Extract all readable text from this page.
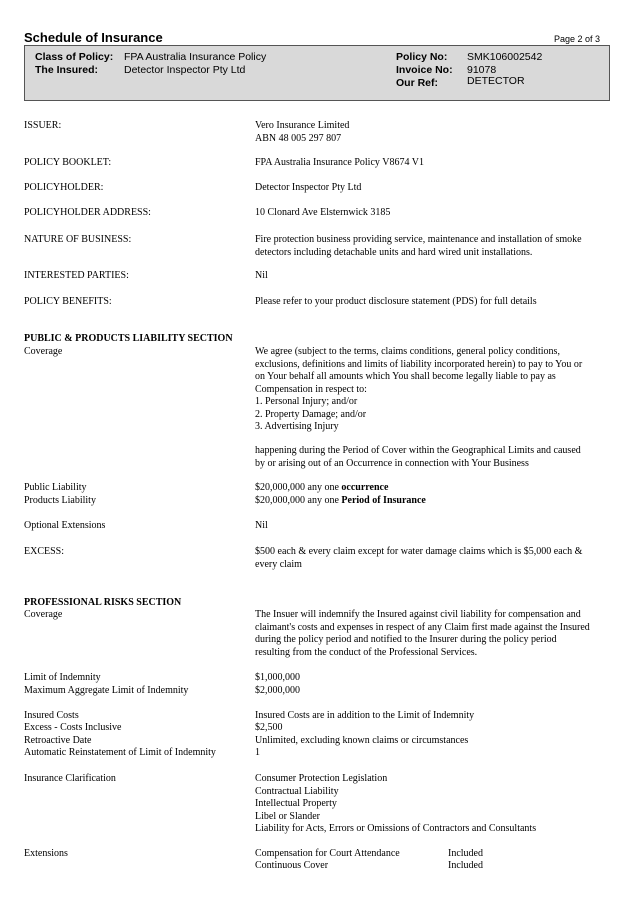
Schedule of Insurance	Page 2 of 3
Class of Policy: FPA Australia Insurance Policy
The Insured: Detector Inspector Pty Ltd
Policy No: SMK106002542
Invoice No: 91078
Our Ref:	DETECTOR
ISSUER:	Vero Insurance Limited
ABN 48 005 297 807
POLICY BOOKLET:	FPA Australia Insurance Policy V8674 V1
POLICYHOLDER:	Detector Inspector Pty Ltd
POLICYHOLDER ADDRESS:	10 Clonard Ave Elsternwick 3185
NATURE OF BUSINESS:	Fire protection business providing service, maintenance and installation of smoke
detectors including detachable units and hard wired unit installations.
INTERESTED PARTIES:	Nil
POLICY BENEFITS:	Please refer to your product disclosure statement (PDS) for full details
PUBLIC & PRODUCTS LIABILITY SECTION
Coverage	We agree (subject to the terms, claims conditions, general policy conditions,
exclusions, definitions and limits of liability incorporated herein) to pay to You or
on Your behalf all amounts which You shall become legally liable to pay as
Compensation in respect to:
1. Personal Injury; and/or
2. Property Damage; and/or
3. Advertising Injury
happening during the Period of Cover within the Geographical Limits and caused
by or arising out of an Occurrence in connection with Your Business
Public Liability	$20,000,000 any one occurrence
Products Liability	$20,000,000 any one Period of Insurance
Optional Extensions	Nil
EXCESS:	$500 each & every claim except for water damage claims which is $5,000 each &
every claim
PROFESSIONAL RISKS SECTION
Coverage	The Insuer will indemnify the Insured against civil liability for compensation and
claimant's costs and expenses in respect of any Claim first made against the Insured
during the policy period and notified to the Insurer during the policy period
resulting from the conduct of the Professional Services.
Limit of Indemnity	$1,000,000
Maximum Aggregate Limit of Indemnity	$2,000,000
Insured Costs	Insured Costs are in addition to the Limit of Indemnity
Excess - Costs Inclusive	$2,500
Retroactive Date	Unlimited, excluding known claims or circumstances
Automatic Reinstatement of Limit of Indemnity	1
Insurance Clarification	Consumer Protection Legislation
Contractual Liability
Intellectual Property
Libel or Slander
Liability for Acts, Errors or Omissions of Contractors and Consultants
Extensions	Compensation for Court Attendance	Included
Continuous Cover	Included
